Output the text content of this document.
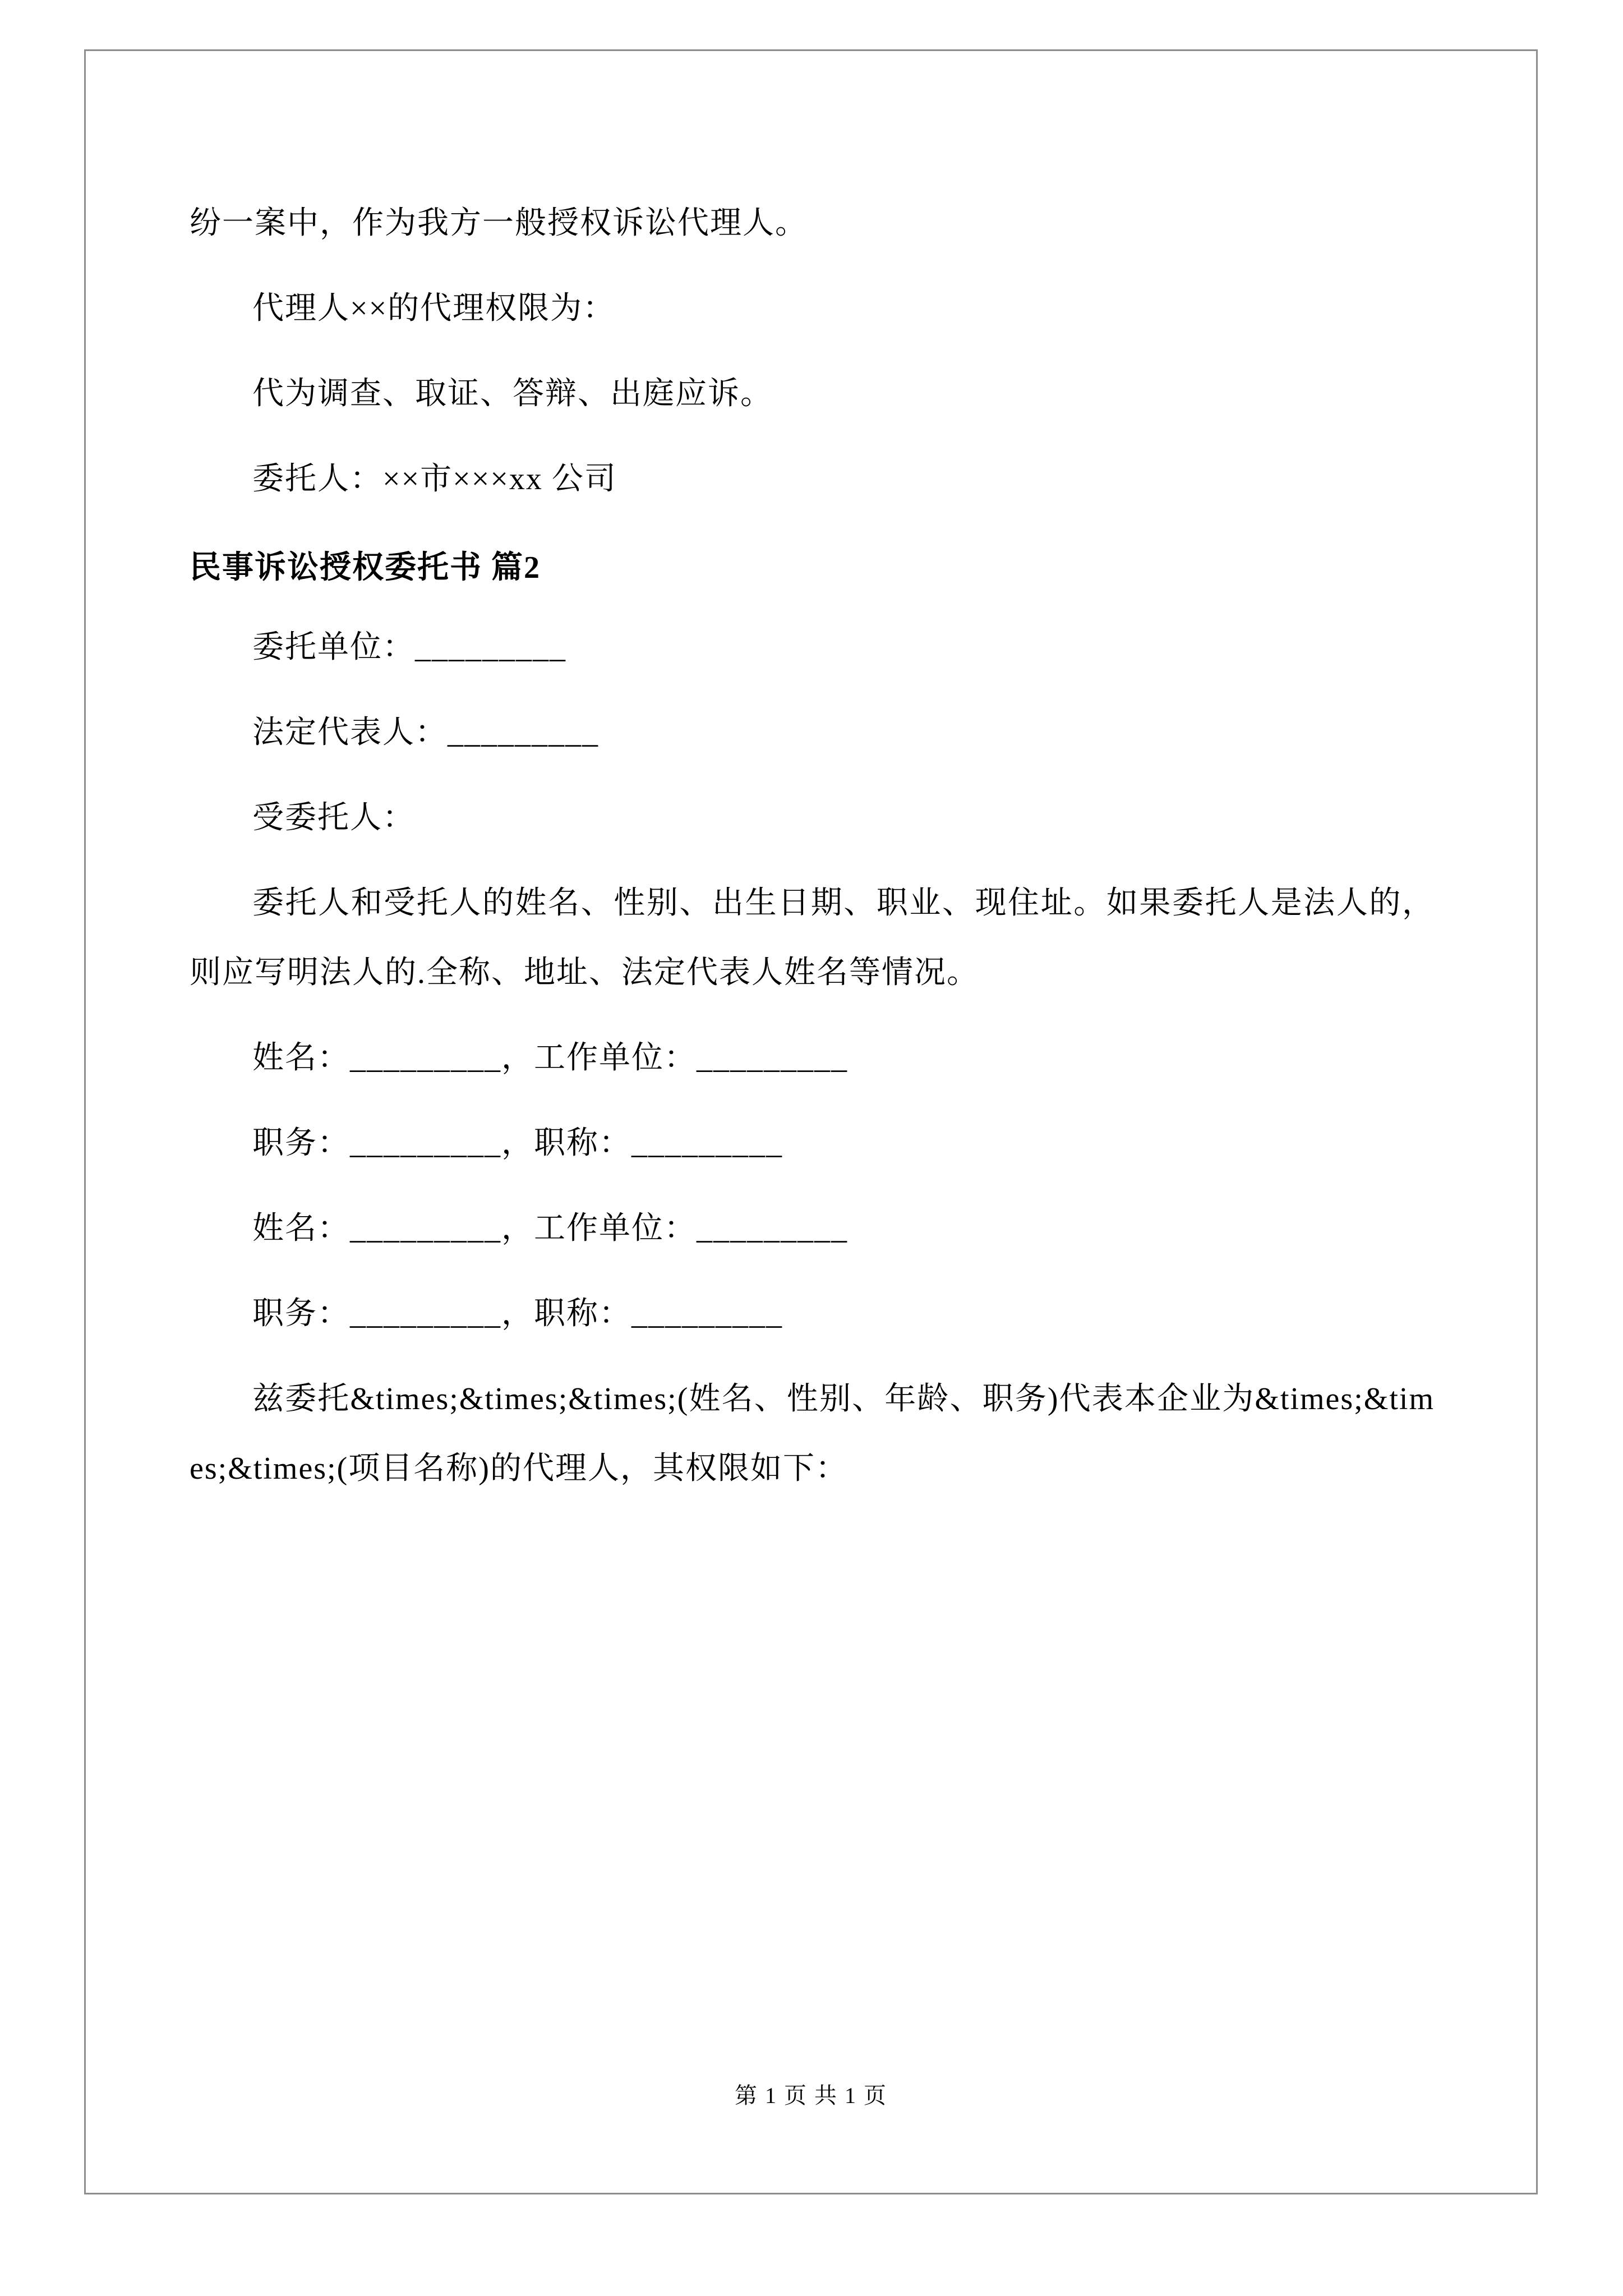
纷一案中，作为我方一般授权诉讼代理人。

代理人××的代理权限为：

代为调查、取证、答辩、出庭应诉。

委托人：××市×××xx 公司

民事诉讼授权委托书 篇2

委托单位：_________

法定代表人：_________

受委托人：

委托人和受托人的姓名、性别、出生日期、职业、现住址。如果委托人是法人的，则应写明法人的.全称、地址、法定代表人姓名等情况。

姓名：_________，工作单位：_________

职务：_________，职称：_________

姓名：_________，工作单位：_________

职务：_________，职称：_________

兹委托&times;&times;&times;(姓名、性别、年龄、职务)代表本企业为&times;&times;&times;(项目名称)的代理人，其权限如下：

第 1 页 共 1 页
